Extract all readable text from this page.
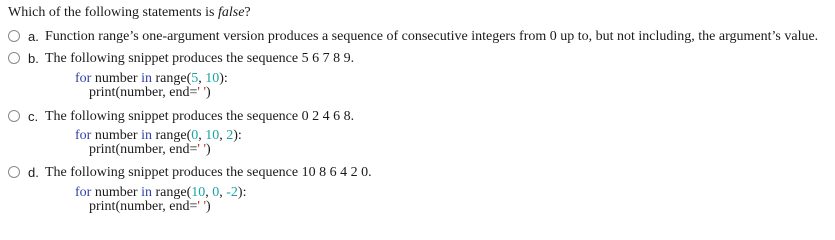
Which of the following statements is false?
a. Function range’s one-argument version produces a sequence of consecutive integers from 0 up to, but not including, the argument’s value.
b. The following snippet produces the sequence 5 6 7 8 9.
for number in range(5, 10):
print(number, end=' ')
c. The following snippet produces the sequence 0 2 4 6 8.
for number in range(0, 10, 2):
print(number, end=' ')
d. The following snippet produces the sequence 10 8 6 4 2 0.
for number in range(10, 0, -2):
print(number, end=' ')
